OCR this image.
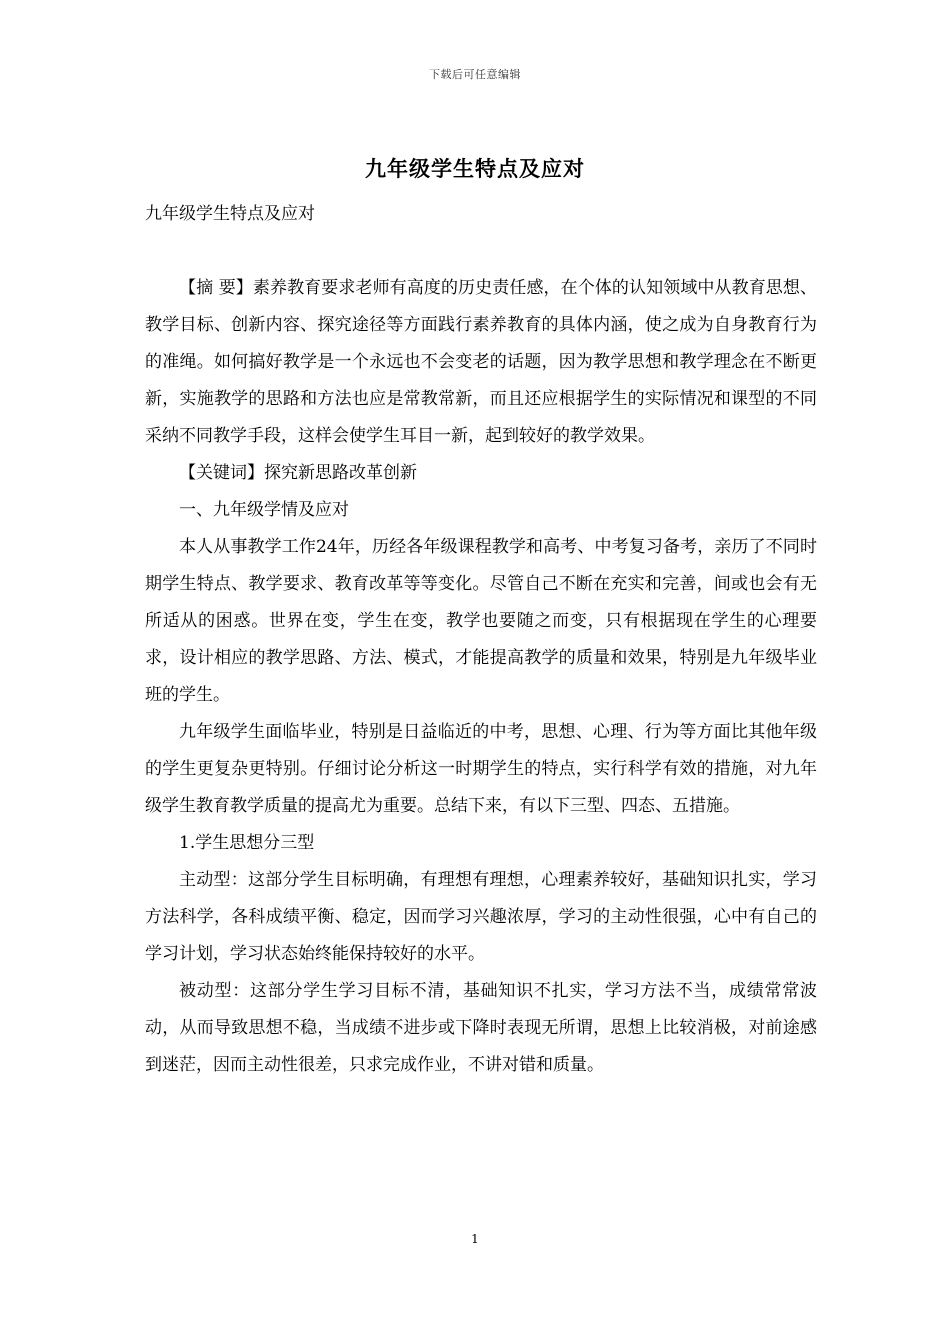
下载后可任意编辑
九年级学生特点及应对

九年级学生特点及应对

【摘 要】素养教育要求老师有高度的历史责任感，在个体的认知领域中从教育思想、教学目标、创新内容、探究途径等方面践行素养教育的具体内涵，使之成为自身教育行为的准绳。如何搞好教学是一个永远也不会变老的话题，因为教学思想和教学理念在不断更新，实施教学的思路和方法也应是常教常新，而且还应根据学生的实际情况和课型的不同采纳不同教学手段，这样会使学生耳目一新，起到较好的教学效果。

【关键词】探究新思路改革创新

一、九年级学情及应对

本人从事教学工作24年，历经各年级课程教学和高考、中考复习备考，亲历了不同时期学生特点、教学要求、教育改革等等变化。尽管自己不断在充实和完善，间或也会有无所适从的困惑。世界在变，学生在变，教学也要随之而变，只有根据现在学生的心理要求，设计相应的教学思路、方法、模式，才能提高教学的质量和效果，特别是九年级毕业班的学生。

九年级学生面临毕业，特别是日益临近的中考，思想、心理、行为等方面比其他年级的学生更复杂更特别。仔细讨论分析这一时期学生的特点，实行科学有效的措施，对九年级学生教育教学质量的提高尤为重要。总结下来，有以下三型、四态、五措施。

1.学生思想分三型

主动型：这部分学生目标明确，有理想有理想，心理素养较好，基础知识扎实，学习方法科学，各科成绩平衡、稳定，因而学习兴趣浓厚，学习的主动性很强，心中有自己的学习计划，学习状态始终能保持较好的水平。

被动型：这部分学生学习目标不清，基础知识不扎实，学习方法不当，成绩常常波动，从而导致思想不稳，当成绩不进步或下降时表现无所谓，思想上比较消极，对前途感到迷茫，因而主动性很差，只求完成作业，不讲对错和质量。

1
